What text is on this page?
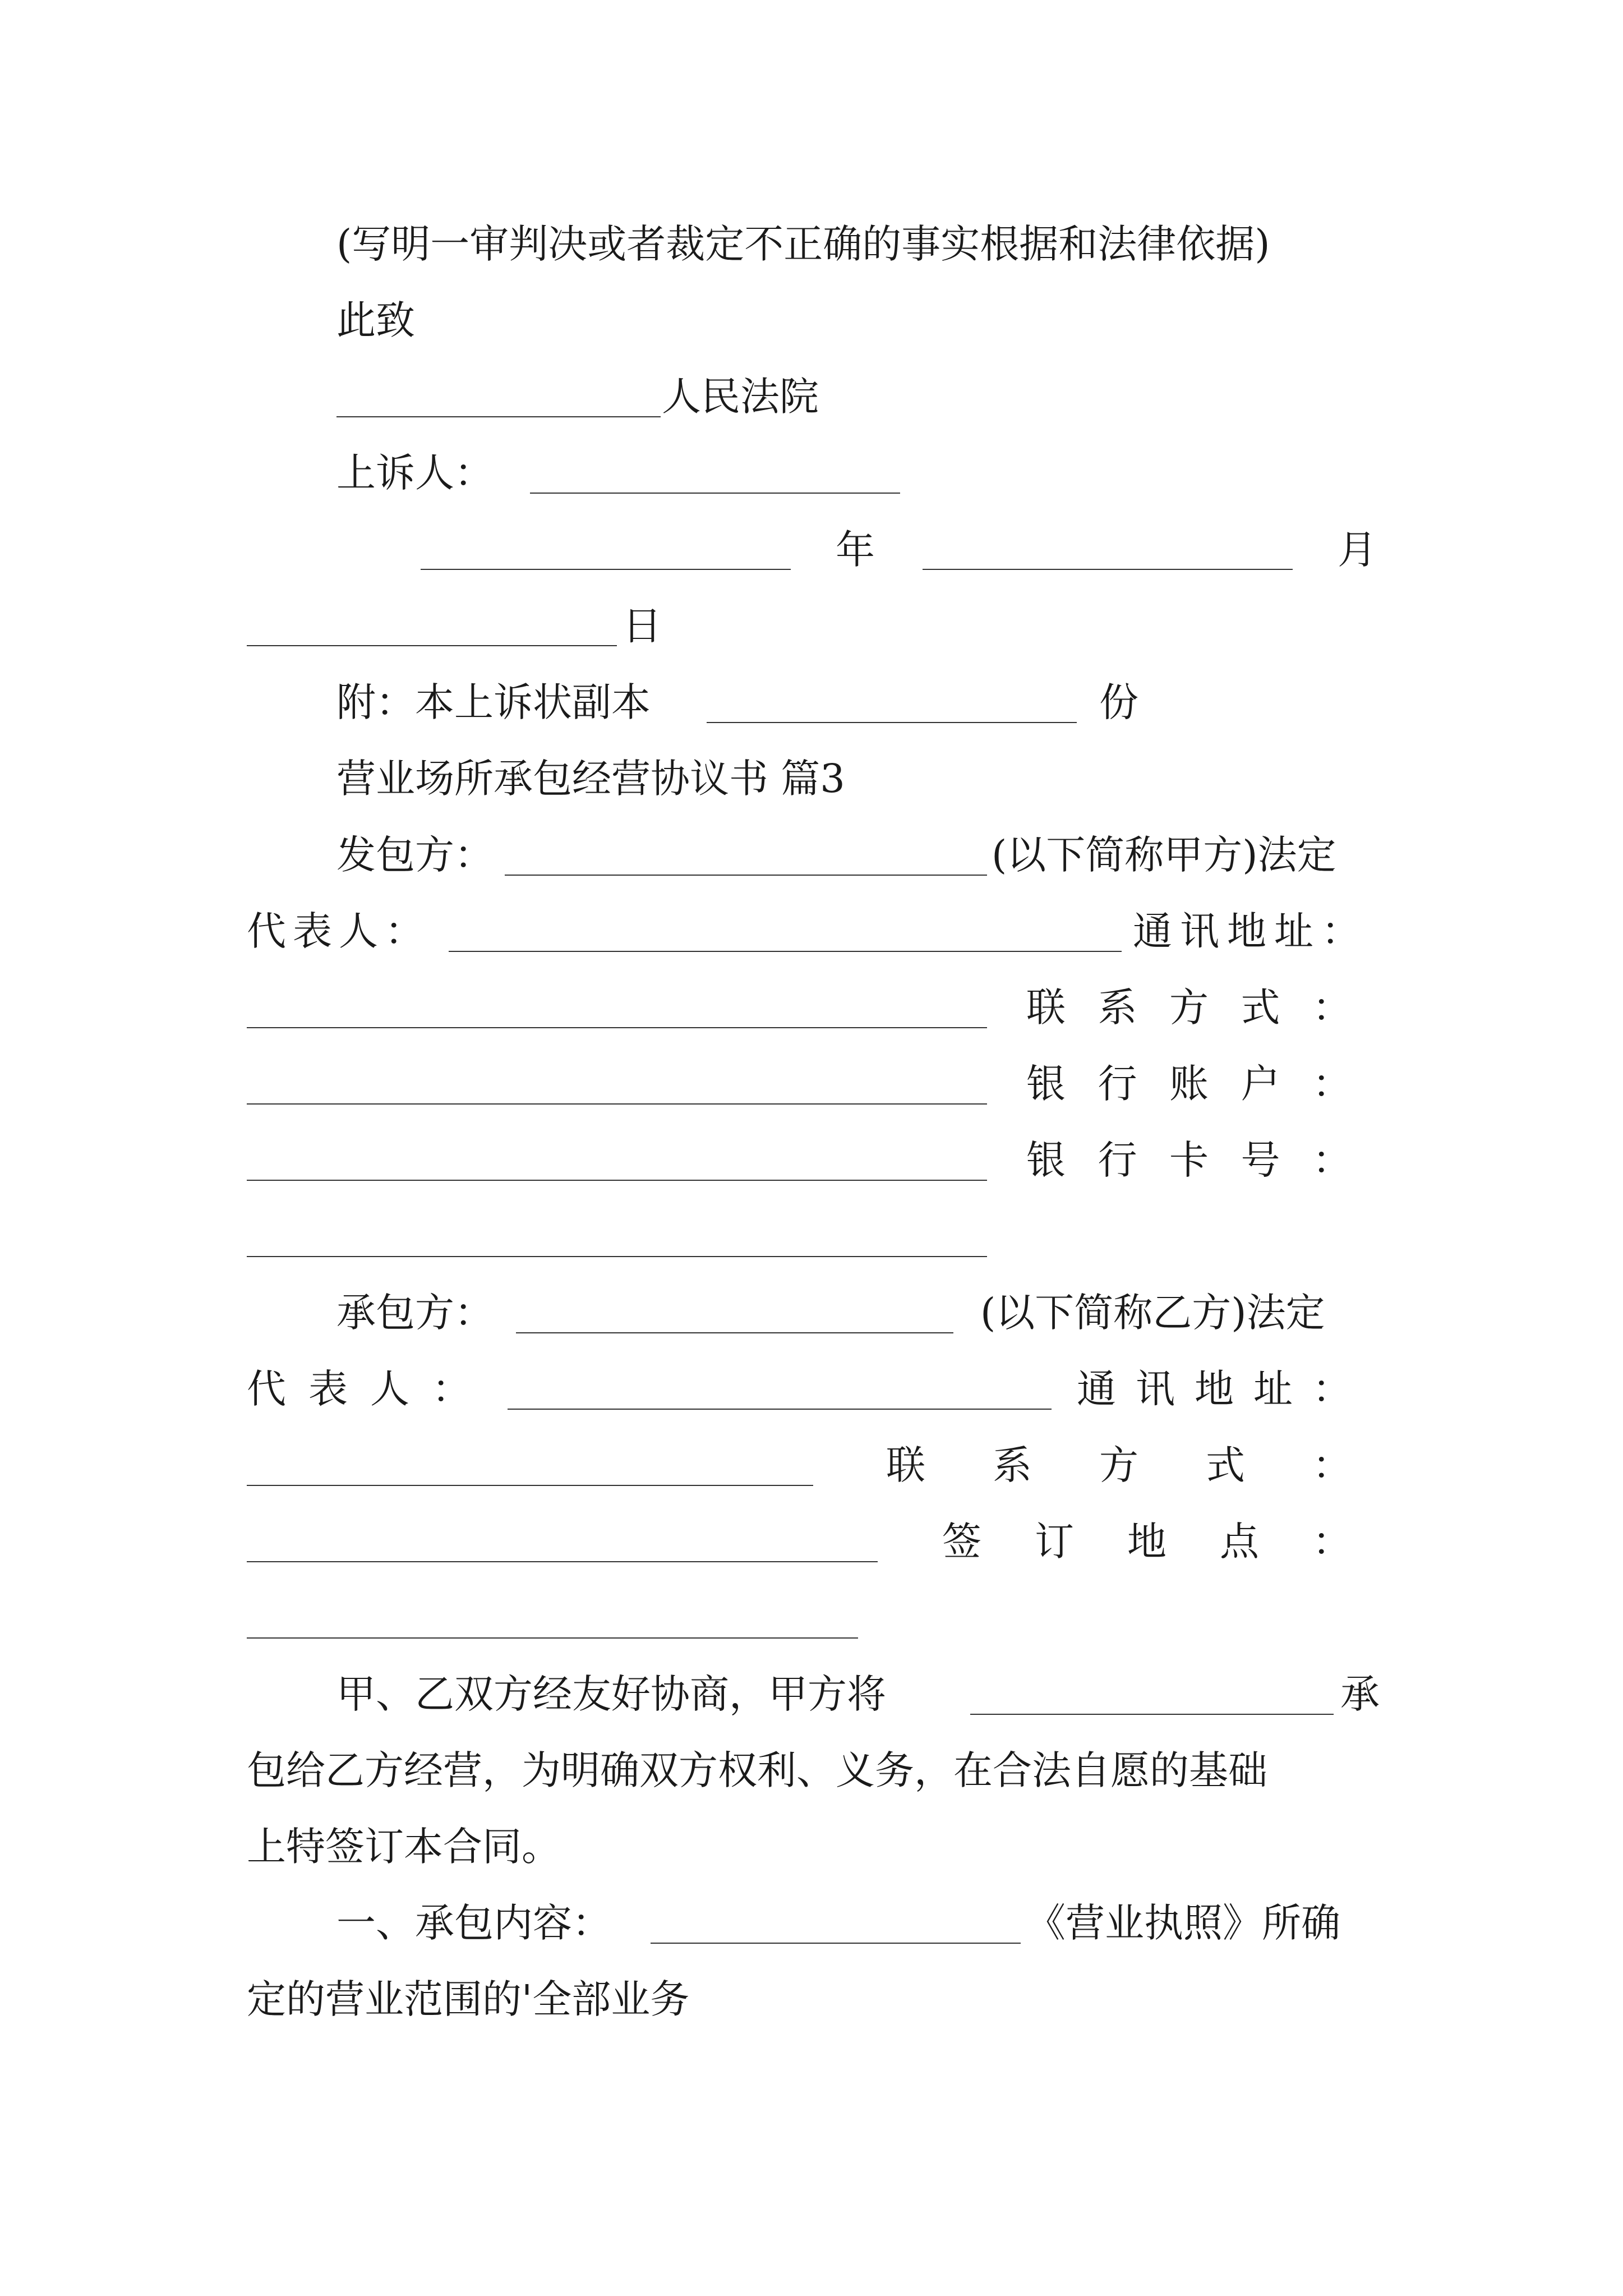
(写明一审判决或者裁定不正确的事实根据和法律依据)
此致
人民法院
上诉人：
年	月
日
附：本上诉状副本	份
营业场所承包经营协议书 篇3
发包方：	(以下简称甲方)法定
代表人：	通讯地址：
联 系 方 式 ：
银 行 账 户 ：
银 行 卡 号 ：
承包方：	(以下简称乙方)法定
代 表 人 ：	通 讯 地 址 ：
联 系 方 式 ：
签 订 地 点 ：
甲、乙双方经友好协商，甲方将	承
包给乙方经营，为明确双方权利、义务，在合法自愿的基础
上特签订本合同。
一、承包内容：	《营业执照》所确
定的营业范围的'全部业务
